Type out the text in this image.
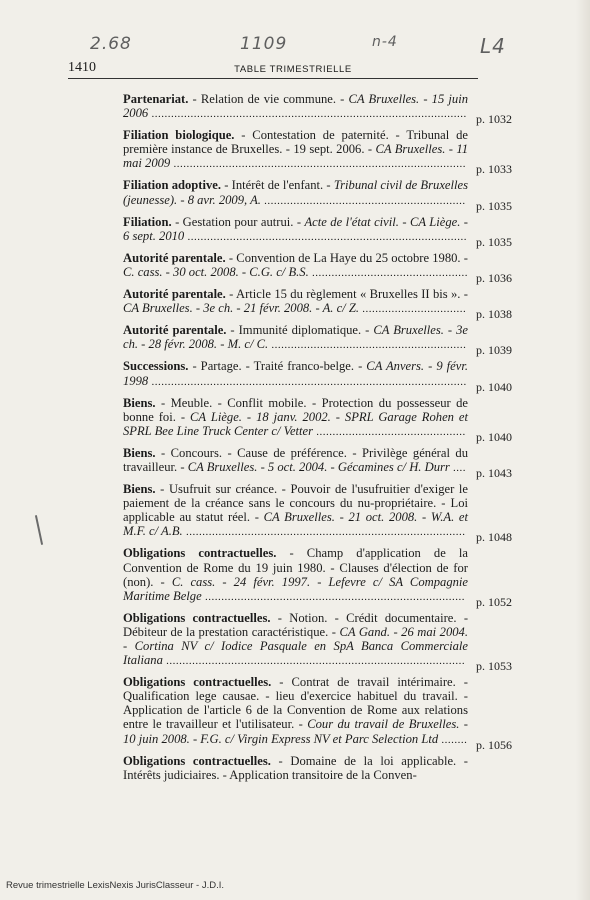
2.68	1109	n-4	L4
1410	TABLE TRIMESTRIELLE
Partenariat. - Relation de vie commune. - CA Bruxelles. - 15 juin 2006 ................................................................................................. p. 1032
Filiation biologique. - Contestation de paternité. - Tribunal de première instance de Bruxelles. - 19 sept. 2006. - CA Bruxelles. - 11 mai 2009 .......................................................................................... p. 1033
Filiation adoptive. - Intérêt de l'enfant. - Tribunal civil de Bruxelles (jeunesse). - 8 avr. 2009, A. .............................................................. p. 1035
Filiation. - Gestation pour autrui. - Acte de l'état civil. - CA Liège. - 6 sept. 2010 ...................................................................................... p. 1035
Autorité parentale. - Convention de La Haye du 25 octobre 1980. - C. cass. - 30 oct. 2008. - C.G. c/ B.S. ................................................ p. 1036
Autorité parentale. - Article 15 du règlement « Bruxelles II bis ». - CA Bruxelles. - 3e ch. - 21 févr. 2008. - A. c/ Z. ................................ p. 1038
Autorité parentale. - Immunité diplomatique. - CA Bruxelles. - 3e ch. - 28 févr. 2008. - M. c/ C. ............................................................ p. 1039
Successions. - Partage. - Traité franco-belge. - CA Anvers. - 9 févr. 1998 ................................................................................................. p. 1040
Biens. - Meuble. - Conflit mobile. - Protection du possesseur de bonne foi. - CA Liège. - 18 janv. 2002. - SPRL Garage Rohen et SPRL Bee Line Truck Center c/ Vetter .............................................. p. 1040
Biens. - Concours. - Cause de préférence. - Privilège général du travailleur. - CA Bruxelles. - 5 oct. 2004. - Gécamines c/ H. Durr .... p. 1043
Biens. - Usufruit sur créance. - Pouvoir de l'usufruitier d'exiger le paiement de la créance sans le concours du nu-propriétaire. - Loi applicable au statut réel. - CA Bruxelles. - 21 oct. 2008. - W.A. et M.F. c/ A.B. ...................................................................................... p. 1048
Obligations contractuelles. - Champ d'application de la Convention de Rome du 19 juin 1980. - Clauses d'élection de for (non). - C. cass. - 24 févr. 1997. - Lefevre c/ SA Compagnie Maritime Belge ................................................................................ p. 1052
Obligations contractuelles. - Notion. - Crédit documentaire. - Débiteur de la prestation caractéristique. - CA Gand. - 26 mai 2004. - Cortina NV c/ Iodice Pasquale en SpA Banca Commerciale Italiana ............................................................................................ p. 1053
Obligations contractuelles. - Contrat de travail intérimaire. - Qualification lege causae. - lieu d'exercice habituel du travail. - Application de l'article 6 de la Convention de Rome aux relations entre le travailleur et l'utilisateur. - Cour du travail de Bruxelles. - 10 juin 2008. - F.G. c/ Virgin Express NV et Parc Selection Ltd ........ p. 1056
Obligations contractuelles. - Domaine de la loi applicable. - Intérêts judiciaires. - Application transitoire de la Conven-
Revue trimestrielle LexisNexis JurisClasseur - J.D.I.
